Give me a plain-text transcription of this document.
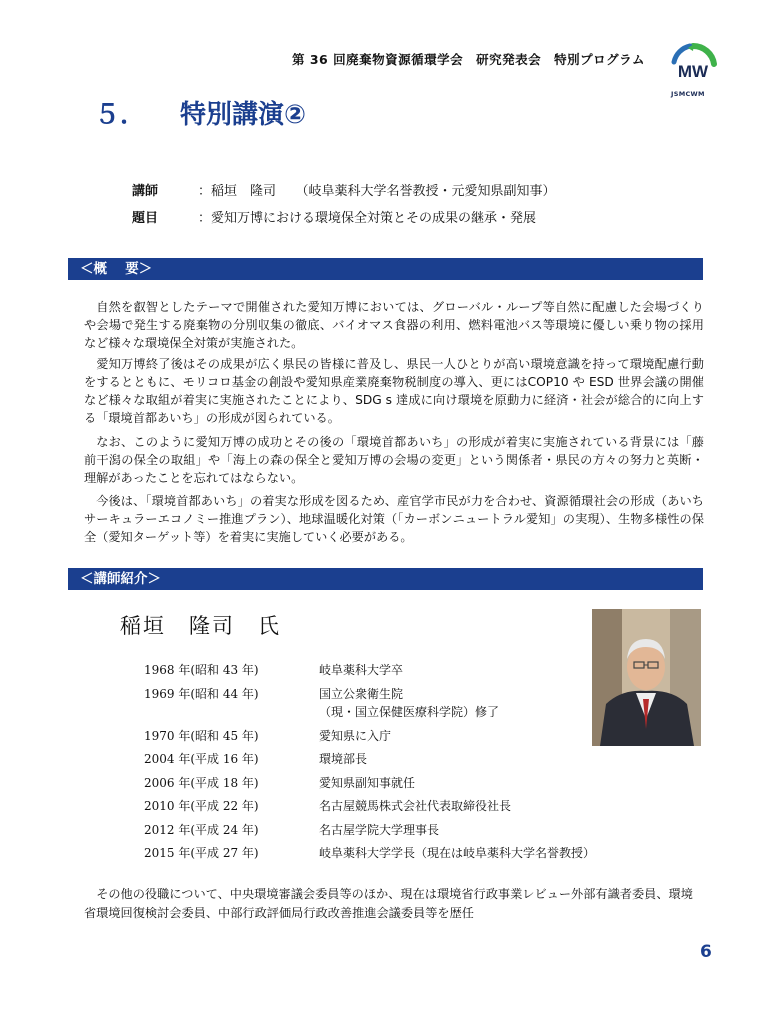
第 36 回廃棄物資源循環学会　研究発表会　特別プログラム
MW
JSMCWM
５． 特別講演②
講師	：稲垣　隆司　　（岐阜薬科大学名誉教授・元愛知県副知事）
題目	：愛知万博における環境保全対策とその成果の継承・発展
＜概　 要＞

自然を叡智としたテーマで開催された愛知万博においては、グローバル・ループ等自然に配慮した会場づくりや会場で発生する廃棄物の分別収集の徹底、バイオマス食器の利用、燃料電池バス等環境に優しい乗り物の採用など様々な環境保全対策が実施された。

愛知万博終了後はその成果が広く県民の皆様に普及し、県民一人ひとりが高い環境意識を持って環境配慮行動をするとともに、モリコロ基金の創設や愛知県産業廃棄物税制度の導入、更にはCOP10 や ESD 世界会議の開催など様々な取組が着実に実施されたことにより、SDG s 達成に向け環境を原動力に経済・社会が総合的に向上する「環境首都あいち」の形成が図られている。

なお、このように愛知万博の成功とその後の「環境首都あいち」の形成が着実に実施されている背景には「藤前干潟の保全の取組」や「海上の森の保全と愛知万博の会場の変更」という関係者・県民の方々の努力と英断・理解があったことを忘れてはならない。

今後は、「環境首都あいち」の着実な形成を図るため、産官学市民が力を合わせ、資源循環社会の形成（あいちサーキュラーエコノミー推進プラン）、地球温暖化対策（「カーボンニュートラル愛知」の実現）、生物多様性の保全（愛知ターゲット等）を着実に実施していく必要がある。

＜講師紹介＞
稲垣　隆司　氏
1968 年(昭和 43 年)	岐阜薬科大学卒
1969 年(昭和 44 年)	国立公衆衛生院
（現・国立保健医療科学院）修了
1970 年(昭和 45 年)	愛知県に入庁
2004 年(平成 16 年)	環境部長
2006 年(平成 18 年)	愛知県副知事就任
2010 年(平成 22 年)	名古屋競馬株式会社代表取締役社長
2012 年(平成 24 年)	名古屋学院大学理事長
2015 年(平成 27 年)	岐阜薬科大学学長（現在は岐阜薬科大学名誉教授）

その他の役職について、中央環境審議会委員等のほか、現在は環境省行政事業レビュー外部有識者委員、環境省環境回復検討会委員、中部行政評価局行政改善推進会議委員等を歴任

6
